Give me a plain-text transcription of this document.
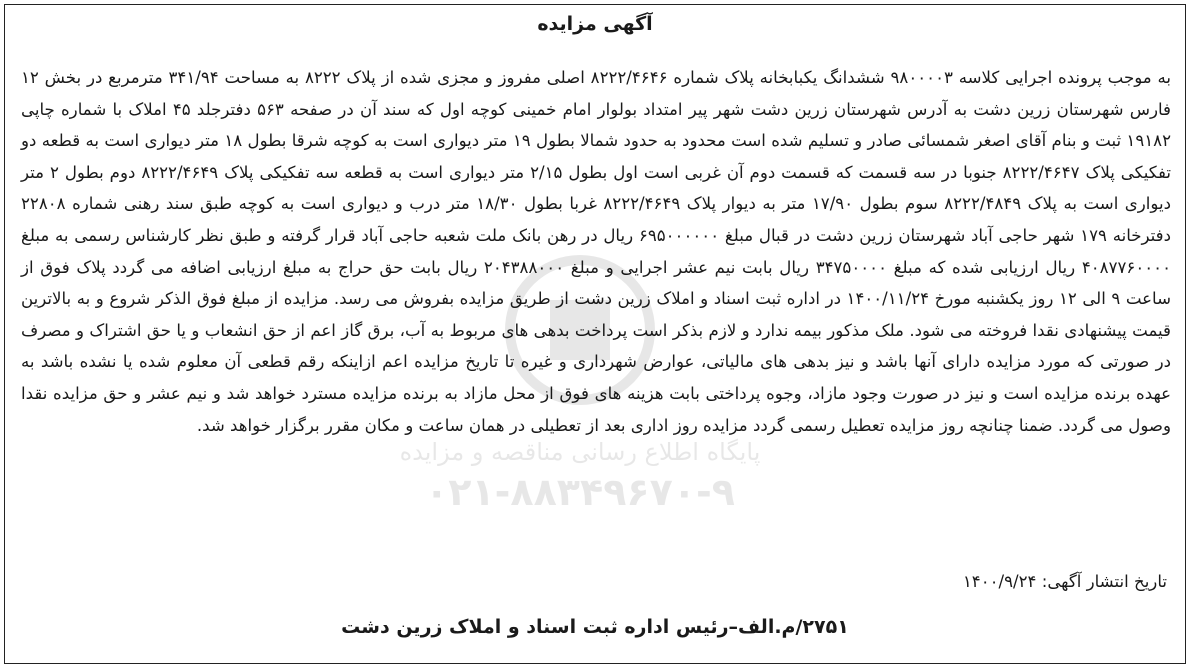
آگهی مزایده
به موجب پرونده اجرایی کلاسه ۹۸۰۰۰۰۳ ششدانگ یکبابخانه پلاک شماره ۸۲۲۲/۴۶۴۶ اصلی مفروز و مجزی شده از پلاک ۸۲۲۲ به مساحت ۳۴۱/۹۴ مترمربع در بخش ۱۲ فارس شهرستان زرین دشت به آدرس شهرستان زرین دشت شهر پیر امتداد بولوار امام خمینی کوچه اول که سند آن در صفحه ۵۶۳ دفترجلد ۴۵ املاک با شماره چاپی ۱۹۱۸۲ ثبت و بنام آقای اصغر شمسائی صادر و تسلیم شده است محدود به حدود شمالا بطول ۱۹ متر دیواری است به کوچه شرقا بطول ۱۸ متر دیواری است به قطعه دو تفکیکی پلاک ۸۲۲۲/۴۶۴۷ جنوبا در سه قسمت که قسمت دوم آن غربی است اول بطول ۲/۱۵ متر دیواری است به قطعه سه تفکیکی پلاک ۸۲۲۲/۴۶۴۹ دوم بطول ۲ متر دیواری است به پلاک ۸۲۲۲/۴۸۴۹ سوم بطول ۱۷/۹۰ متر به دیوار پلاک ۸۲۲۲/۴۶۴۹ غربا بطول ۱۸/۳۰ متر درب و دیواری است به کوچه طبق سند رهنی شماره ۲۲۸۰۸ دفترخانه ۱۷۹ شهر حاجی آباد شهرستان زرین دشت در قبال مبلغ ۶۹۵۰۰۰۰۰۰ ریال در رهن بانک ملت شعبه حاجی آباد قرار گرفته و طبق نظر کارشناس رسمی به مبلغ ۴۰۸۷۷۶۰۰۰۰ ریال ارزیابی شده که مبلغ ۳۴۷۵۰۰۰۰ ریال بابت نیم عشر اجرایی و مبلغ ۲۰۴۳۸۸۰۰۰ ریال بابت حق حراج به مبلغ ارزیابی اضافه می گردد پلاک فوق از ساعت ۹ الی ۱۲ روز یکشنبه مورخ ۱۴۰۰/۱۱/۲۴ در اداره ثبت اسناد و املاک زرین دشت از طریق مزایده بفروش می رسد. مزایده از مبلغ فوق الذکر شروع و به بالاترین قیمت پیشنهادی نقدا فروخته می شود. ملک مذکور بیمه ندارد و لازم بذکر است پرداخت بدهی های مربوط به آب، برق گاز اعم از حق انشعاب و یا حق اشتراک و مصرف در صورتی که مورد مزایده دارای آنها باشد و نیز بدهی های مالیاتی، عوارض شهرداری و غیره تا تاریخ مزایده اعم ازاینکه رقم قطعی آن معلوم شده یا نشده باشد به عهده برنده مزایده است و نیز در صورت وجود مازاد، وجوه پرداختی بابت هزینه های فوق از محل مازاد به برنده مزایده مسترد خواهد شد و نیم عشر و حق مزایده نقدا وصول می گردد. ضمنا چنانچه روز مزایده تعطیل رسمی گردد مزایده روز اداری بعد از تعطیلی در همان ساعت و مکان مقرر برگزار خواهد شد.
تاریخ انتشار آگهی: ۱۴۰۰/۹/۲۴
۲۷۵۱/م.الف–رئیس اداره ثبت اسناد و املاک زرین دشت
